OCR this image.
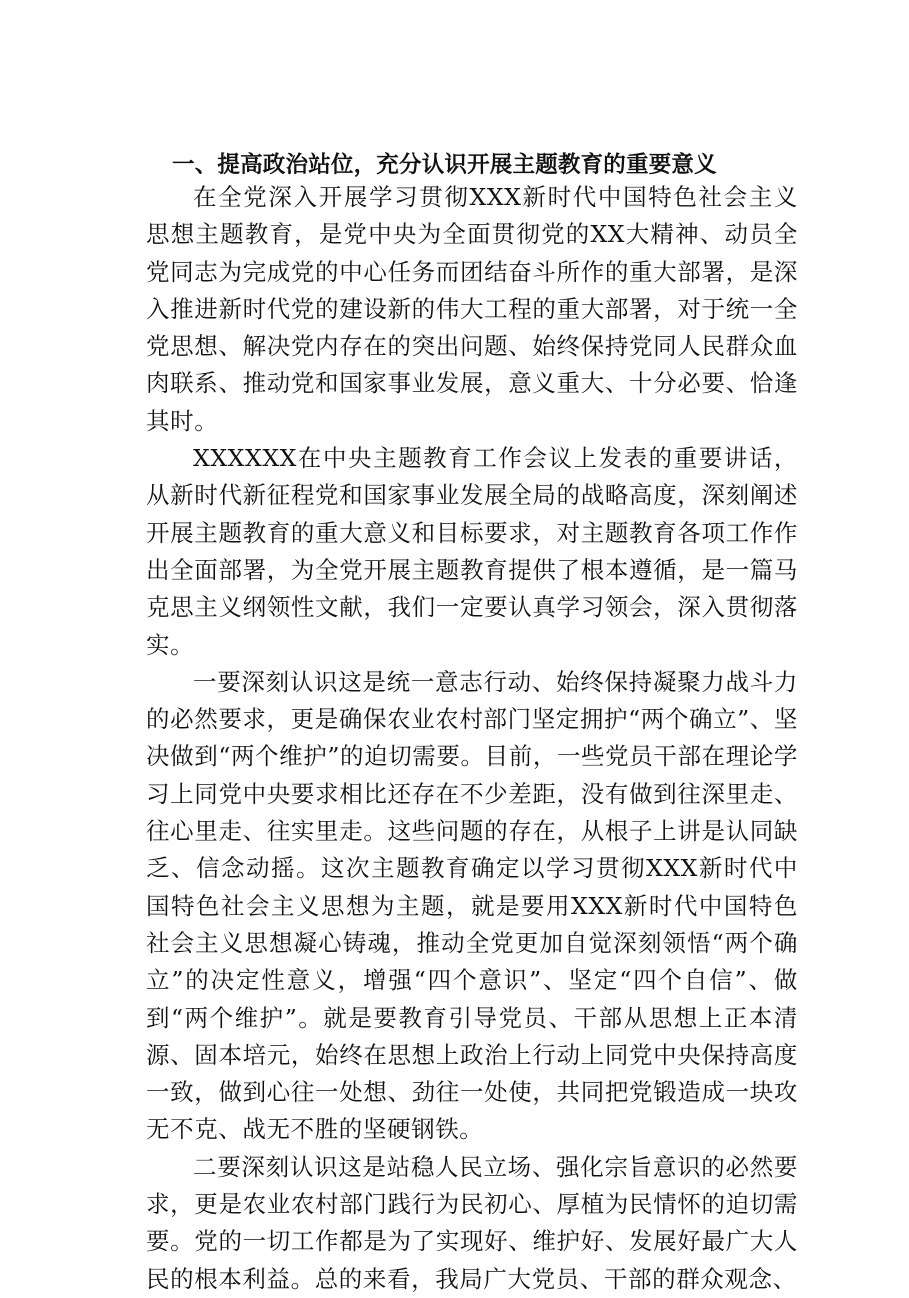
一、提高政治站位，充分认识开展主题教育的重要意义

在全党深入开展学习贯彻XXX新时代中国特色社会主义思想主题教育，是党中央为全面贯彻党的XX大精神、动员全党同志为完成党的中心任务而团结奋斗所作的重大部署，是深入推进新时代党的建设新的伟大工程的重大部署，对于统一全党思想、解决党内存在的突出问题、始终保持党同人民群众血肉联系、推动党和国家事业发展，意义重大、十分必要、恰逢其时。

XXXXXX在中央主题教育工作会议上发表的重要讲话，从新时代新征程党和国家事业发展全局的战略高度，深刻阐述开展主题教育的重大意义和目标要求，对主题教育各项工作作出全面部署，为全党开展主题教育提供了根本遵循，是一篇马克思主义纲领性文献，我们一定要认真学习领会，深入贯彻落实。

一要深刻认识这是统一意志行动、始终保持凝聚力战斗力的必然要求，更是确保农业农村部门坚定拥护“两个确立”、坚决做到“两个维护”的迫切需要。目前，一些党员干部在理论学习上同党中央要求相比还存在不少差距，没有做到往深里走、往心里走、往实里走。这些问题的存在，从根子上讲是认同缺乏、信念动摇。这次主题教育确定以学习贯彻XXX新时代中国特色社会主义思想为主题，就是要用XXX新时代中国特色社会主义思想凝心铸魂，推动全党更加自觉深刻领悟“两个确立”的决定性意义，增强“四个意识”、坚定“四个自信”、做到“两个维护”。就是要教育引导党员、干部从思想上正本清源、固本培元，始终在思想上政治上行动上同党中央保持高度一致，做到心往一处想、劲往一处使，共同把党锻造成一块攻无不克、战无不胜的坚硬钢铁。

二要深刻认识这是站稳人民立场、强化宗旨意识的必然要求，更是农业农村部门践行为民初心、厚植为民情怀的迫切需要。党的一切工作都是为了实现好、维护好、发展好最广大人民的根本利益。总的来看，我局广大党员、干部的群众观念、
